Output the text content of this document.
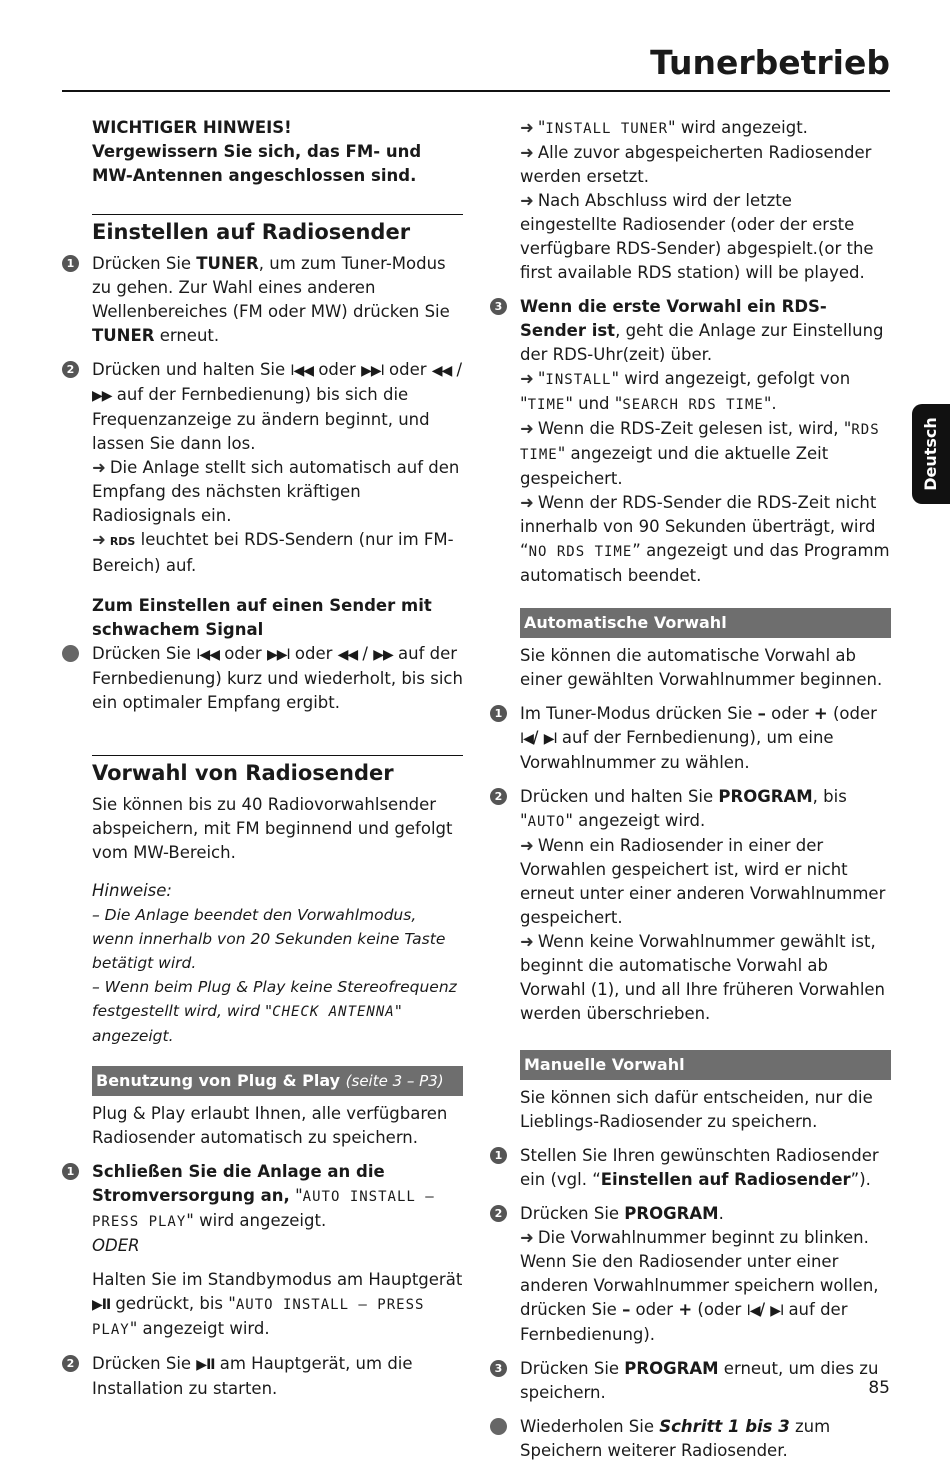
Tunerbetrieb
Deutsch
WICHTIGER HINWEIS!
Vergewissern Sie sich, das FM- und MW-Antennen angeschlossen sind.
Einstellen auf Radiosender
1 Drücken Sie TUNER, um zum Tuner-Modus zu gehen. Zur Wahl eines anderen Wellenbereiches (FM oder MW) drücken Sie TUNER erneut.
2 Drücken und halten Sie I◀◀ oder ▶▶I oder ◀◀ / ▶▶ auf der Fernbedienung) bis sich die Frequenzanzeige zu ändern beginnt, und lassen Sie dann los.
➜ Die Anlage stellt sich automatisch auf den Empfang des nächsten kräftigen Radiosignals ein.
➜ RDS leuchtet bei RDS-Sendern (nur im FM-Bereich) auf.
Zum Einstellen auf einen Sender mit schwachem Signal
Drücken Sie I◀◀ oder ▶▶I oder ◀◀ / ▶▶ auf der Fernbedienung) kurz und wiederholt, bis sich ein optimaler Empfang ergibt.
Vorwahl von Radiosender
Sie können bis zu 40 Radiovorwahlsender abspeichern, mit FM beginnend und gefolgt vom MW-Bereich.
Hinweise:
– Die Anlage beendet den Vorwahlmodus, wenn innerhalb von 20 Sekunden keine Taste betätigt wird.
– Wenn beim Plug & Play keine Stereofrequenz festgestellt wird, wird "CHECK ANTENNA" angezeigt.
Benutzung von Plug & Play (seite 3 – P3)
Plug & Play erlaubt Ihnen, alle verfügbaren Radiosender automatisch zu speichern.
1 Schließen Sie die Anlage an die Stromversorgung an, "AUTO INSTALL – PRESS PLAY" wird angezeigt.
ODER
Halten Sie im Standbymodus am Hauptgerät ▶II gedrückt, bis "AUTO INSTALL – PRESS PLAY" angezeigt wird.
2 Drücken Sie ▶II am Hauptgerät, um die Installation zu starten.
➜ "INSTALL TUNER" wird angezeigt.
➜ Alle zuvor abgespeicherten Radiosender werden ersetzt.
➜ Nach Abschluss wird der letzte eingestellte Radiosender (oder der erste verfügbare RDS-Sender) abgespielt.(or the first available RDS station) will be played.
3 Wenn die erste Vorwahl ein RDS-Sender ist, geht die Anlage zur Einstellung der RDS-Uhr(zeit) über.
➜ "INSTALL" wird angezeigt, gefolgt von "TIME" und "SEARCH RDS TIME".
➜ Wenn die RDS-Zeit gelesen ist, wird, "RDS TIME" angezeigt und die aktuelle Zeit gespeichert.
➜ Wenn der RDS-Sender die RDS-Zeit nicht innerhalb von 90 Sekunden überträgt, wird “NO RDS TIME” angezeigt und das Programm automatisch beendet.
Automatische Vorwahl
Sie können die automatische Vorwahl ab einer gewählten Vorwahlnummer beginnen.
1 Im Tuner-Modus drücken Sie – oder + (oder I◀/ ▶I auf der Fernbedienung), um eine Vorwahlnummer zu wählen.
2 Drücken und halten Sie PROGRAM, bis "AUTO" angezeigt wird.
➜ Wenn ein Radiosender in einer der Vorwahlen gespeichert ist, wird er nicht erneut unter einer anderen Vorwahlnummer gespeichert.
➜ Wenn keine Vorwahlnummer gewählt ist, beginnt die automatische Vorwahl ab Vorwahl (1), und all Ihre früheren Vorwahlen werden überschrieben.
Manuelle Vorwahl
Sie können sich dafür entscheiden, nur die Lieblings-Radiosender zu speichern.
1 Stellen Sie Ihren gewünschten Radiosender ein (vgl. “Einstellen auf Radiosender”).
2 Drücken Sie PROGRAM.
➜ Die Vorwahlnummer beginnt zu blinken.
Wenn Sie den Radiosender unter einer anderen Vorwahlnummer speichern wollen, drücken Sie – oder + (oder I◀/ ▶I auf der Fernbedienung).
3 Drücken Sie PROGRAM erneut, um dies zu speichern.
Wiederholen Sie Schritt 1 bis 3 zum Speichern weiterer Radiosender.
85
